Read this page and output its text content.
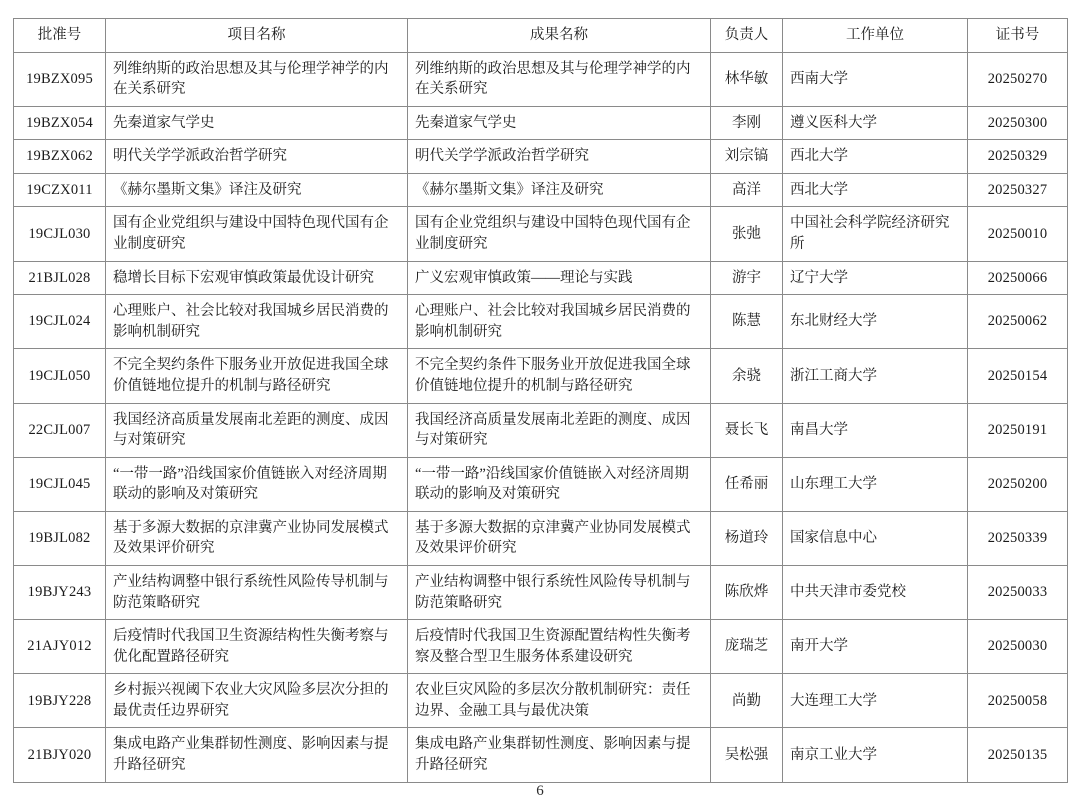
批准号	项目名称	成果名称	负责人	工作单位	证书号
19BZX095	列维纳斯的政治思想及其与伦理学神学的内在关系研究	列维纳斯的政治思想及其与伦理学神学的内在关系研究	林华敏	西南大学	20250270
19BZX054	先秦道家气学史	先秦道家气学史	李刚	遵义医科大学	20250300
19BZX062	明代关学学派政治哲学研究	明代关学学派政治哲学研究	刘宗镐	西北大学	20250329
19CZX011	《赫尔墨斯文集》译注及研究	《赫尔墨斯文集》译注及研究	高洋	西北大学	20250327
19CJL030	国有企业党组织与建设中国特色现代国有企业制度研究	国有企业党组织与建设中国特色现代国有企业制度研究	张弛	中国社会科学院经济研究所	20250010
21BJL028	稳增长目标下宏观审慎政策最优设计研究	广义宏观审慎政策——理论与实践	游宇	辽宁大学	20250066
19CJL024	心理账户、社会比较对我国城乡居民消费的影响机制研究	心理账户、社会比较对我国城乡居民消费的影响机制研究	陈慧	东北财经大学	20250062
19CJL050	不完全契约条件下服务业开放促进我国全球价值链地位提升的机制与路径研究	不完全契约条件下服务业开放促进我国全球价值链地位提升的机制与路径研究	余骁	浙江工商大学	20250154
22CJL007	我国经济高质量发展南北差距的测度、成因与对策研究	我国经济高质量发展南北差距的测度、成因与对策研究	聂长飞	南昌大学	20250191
19CJL045	“一带一路”沿线国家价值链嵌入对经济周期联动的影响及对策研究	“一带一路”沿线国家价值链嵌入对经济周期联动的影响及对策研究	任希丽	山东理工大学	20250200
19BJL082	基于多源大数据的京津冀产业协同发展模式及效果评价研究	基于多源大数据的京津冀产业协同发展模式及效果评价研究	杨道玲	国家信息中心	20250339
19BJY243	产业结构调整中银行系统性风险传导机制与防范策略研究	产业结构调整中银行系统性风险传导机制与防范策略研究	陈欣烨	中共天津市委党校	20250033
21AJY012	后疫情时代我国卫生资源结构性失衡考察与优化配置路径研究	后疫情时代我国卫生资源配置结构性失衡考察及整合型卫生服务体系建设研究	庞瑞芝	南开大学	20250030
19BJY228	乡村振兴视阈下农业大灾风险多层次分担的最优责任边界研究	农业巨灾风险的多层次分散机制研究：责任边界、金融工具与最优决策	尚勤	大连理工大学	20250058
21BJY020	集成电路产业集群韧性测度、影响因素与提升路径研究	集成电路产业集群韧性测度、影响因素与提升路径研究	吴松强	南京工业大学	20250135
6
